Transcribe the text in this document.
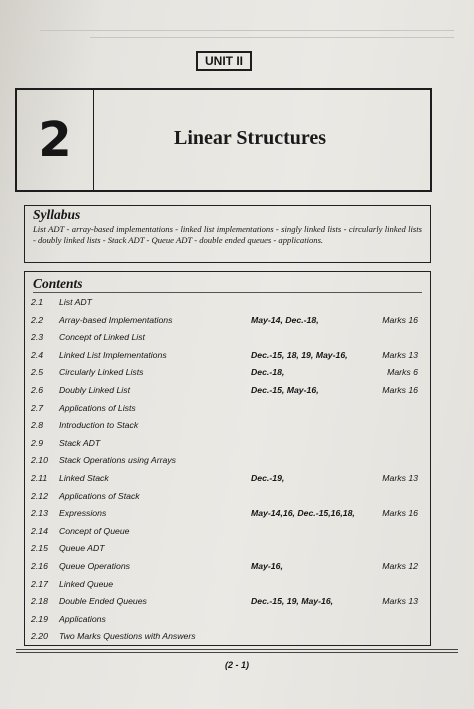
UNIT II
2	Linear Structures
Syllabus
List ADT - array-based implementations - linked list implementations - singly linked lists - circularly linked lists - doubly linked lists - Stack ADT - Queue ADT - double ended queues - applications.
Contents
2.1 List ADT
2.2 Array-based Implementations	May-14, Dec.-18,	Marks 16
2.3 Concept of Linked List
2.4 Linked List Implementations	Dec.-15, 18, 19, May-16,	Marks 13
2.5 Circularly Linked Lists	Dec.-18,	Marks 6
2.6 Doubly Linked List	Dec.-15, May-16,	Marks 16
2.7 Applications of Lists
2.8 Introduction to Stack
2.9 Stack ADT
2.10 Stack Operations using Arrays
2.11 Linked Stack	Dec.-19,	Marks 13
2.12 Applications of Stack
2.13 Expressions	May-14,16, Dec.-15,16,18,	Marks 16
2.14 Concept of Queue
2.15 Queue ADT
2.16 Queue Operations	May-16,	Marks 12
2.17 Linked Queue
2.18 Double Ended Queues	Dec.-15, 19, May-16,	Marks 13
2.19 Applications
2.20 Two Marks Questions with Answers
(2 - 1)
